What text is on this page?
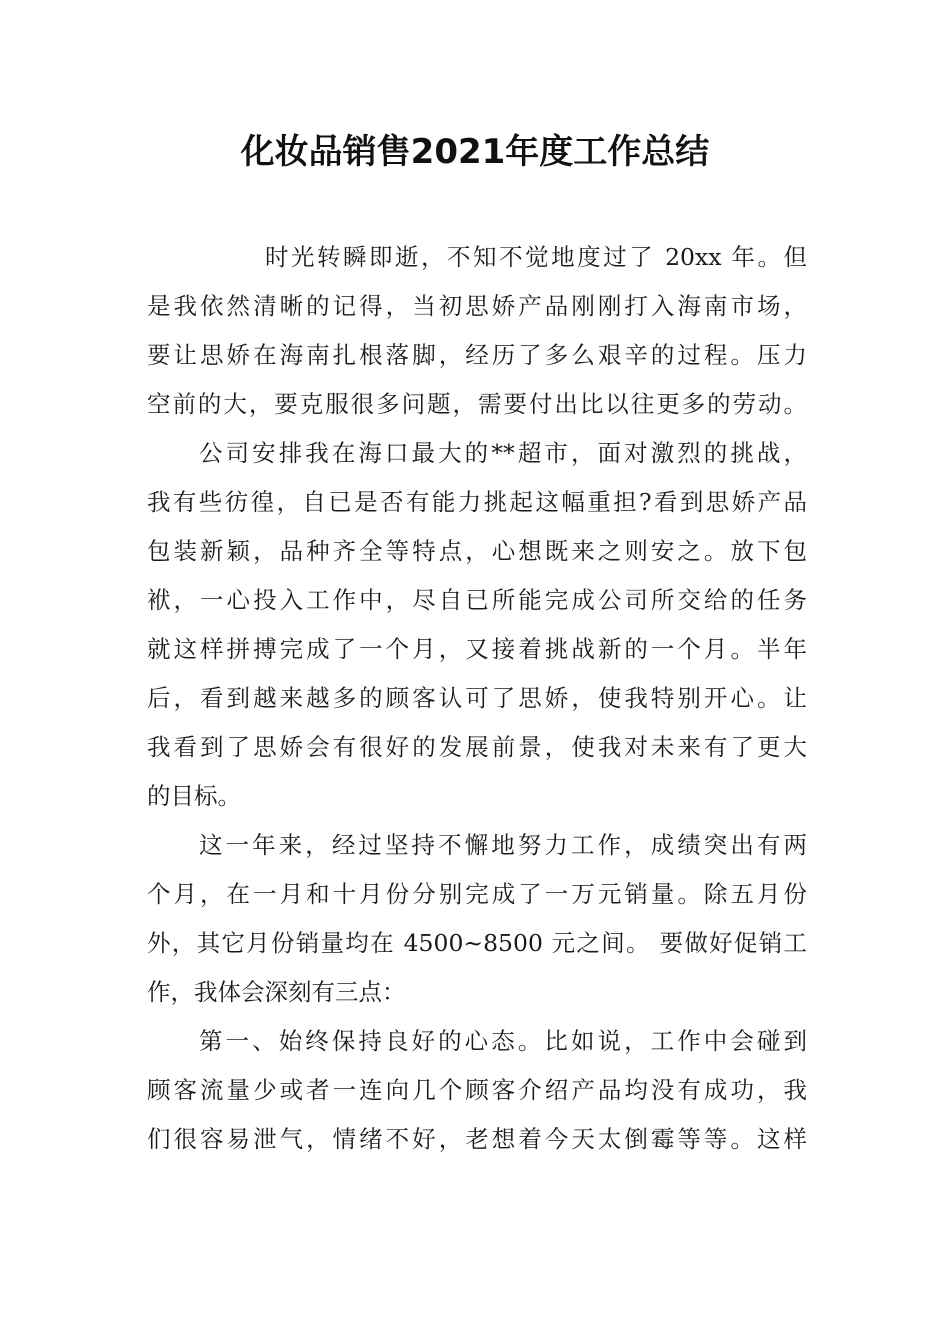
化妆品销售2021年度工作总结
时光转瞬即逝，不知不觉地度过了 20xx 年。但
是我依然清晰的记得，当初思娇产品刚刚打入海南市场，
要让思娇在海南扎根落脚，经历了多么艰辛的过程。压力
空前的大，要克服很多问题，需要付出比以往更多的劳动。
公司安排我在海口最大的**超市，面对激烈的挑战，
我有些彷徨，自已是否有能力挑起这幅重担?看到思娇产品
包装新颖，品种齐全等特点，心想既来之则安之。放下包
袱，一心投入工作中，尽自已所能完成公司所交给的任务
就这样拼搏完成了一个月，又接着挑战新的一个月。半年
后，看到越来越多的顾客认可了思娇，使我特别开心。让
我看到了思娇会有很好的发展前景，使我对未来有了更大
的目标。
这一年来，经过坚持不懈地努力工作，成绩突出有两
个月，在一月和十月份分别完成了一万元销量。除五月份
外，其它月份销量均在 4500~8500 元之间。 要做好促销工
作，我体会深刻有三点：
第一、始终保持良好的心态。比如说，工作中会碰到
顾客流量少或者一连向几个顾客介绍产品均没有成功，我
们很容易泄气，情绪不好，老想着今天太倒霉等等。这样
